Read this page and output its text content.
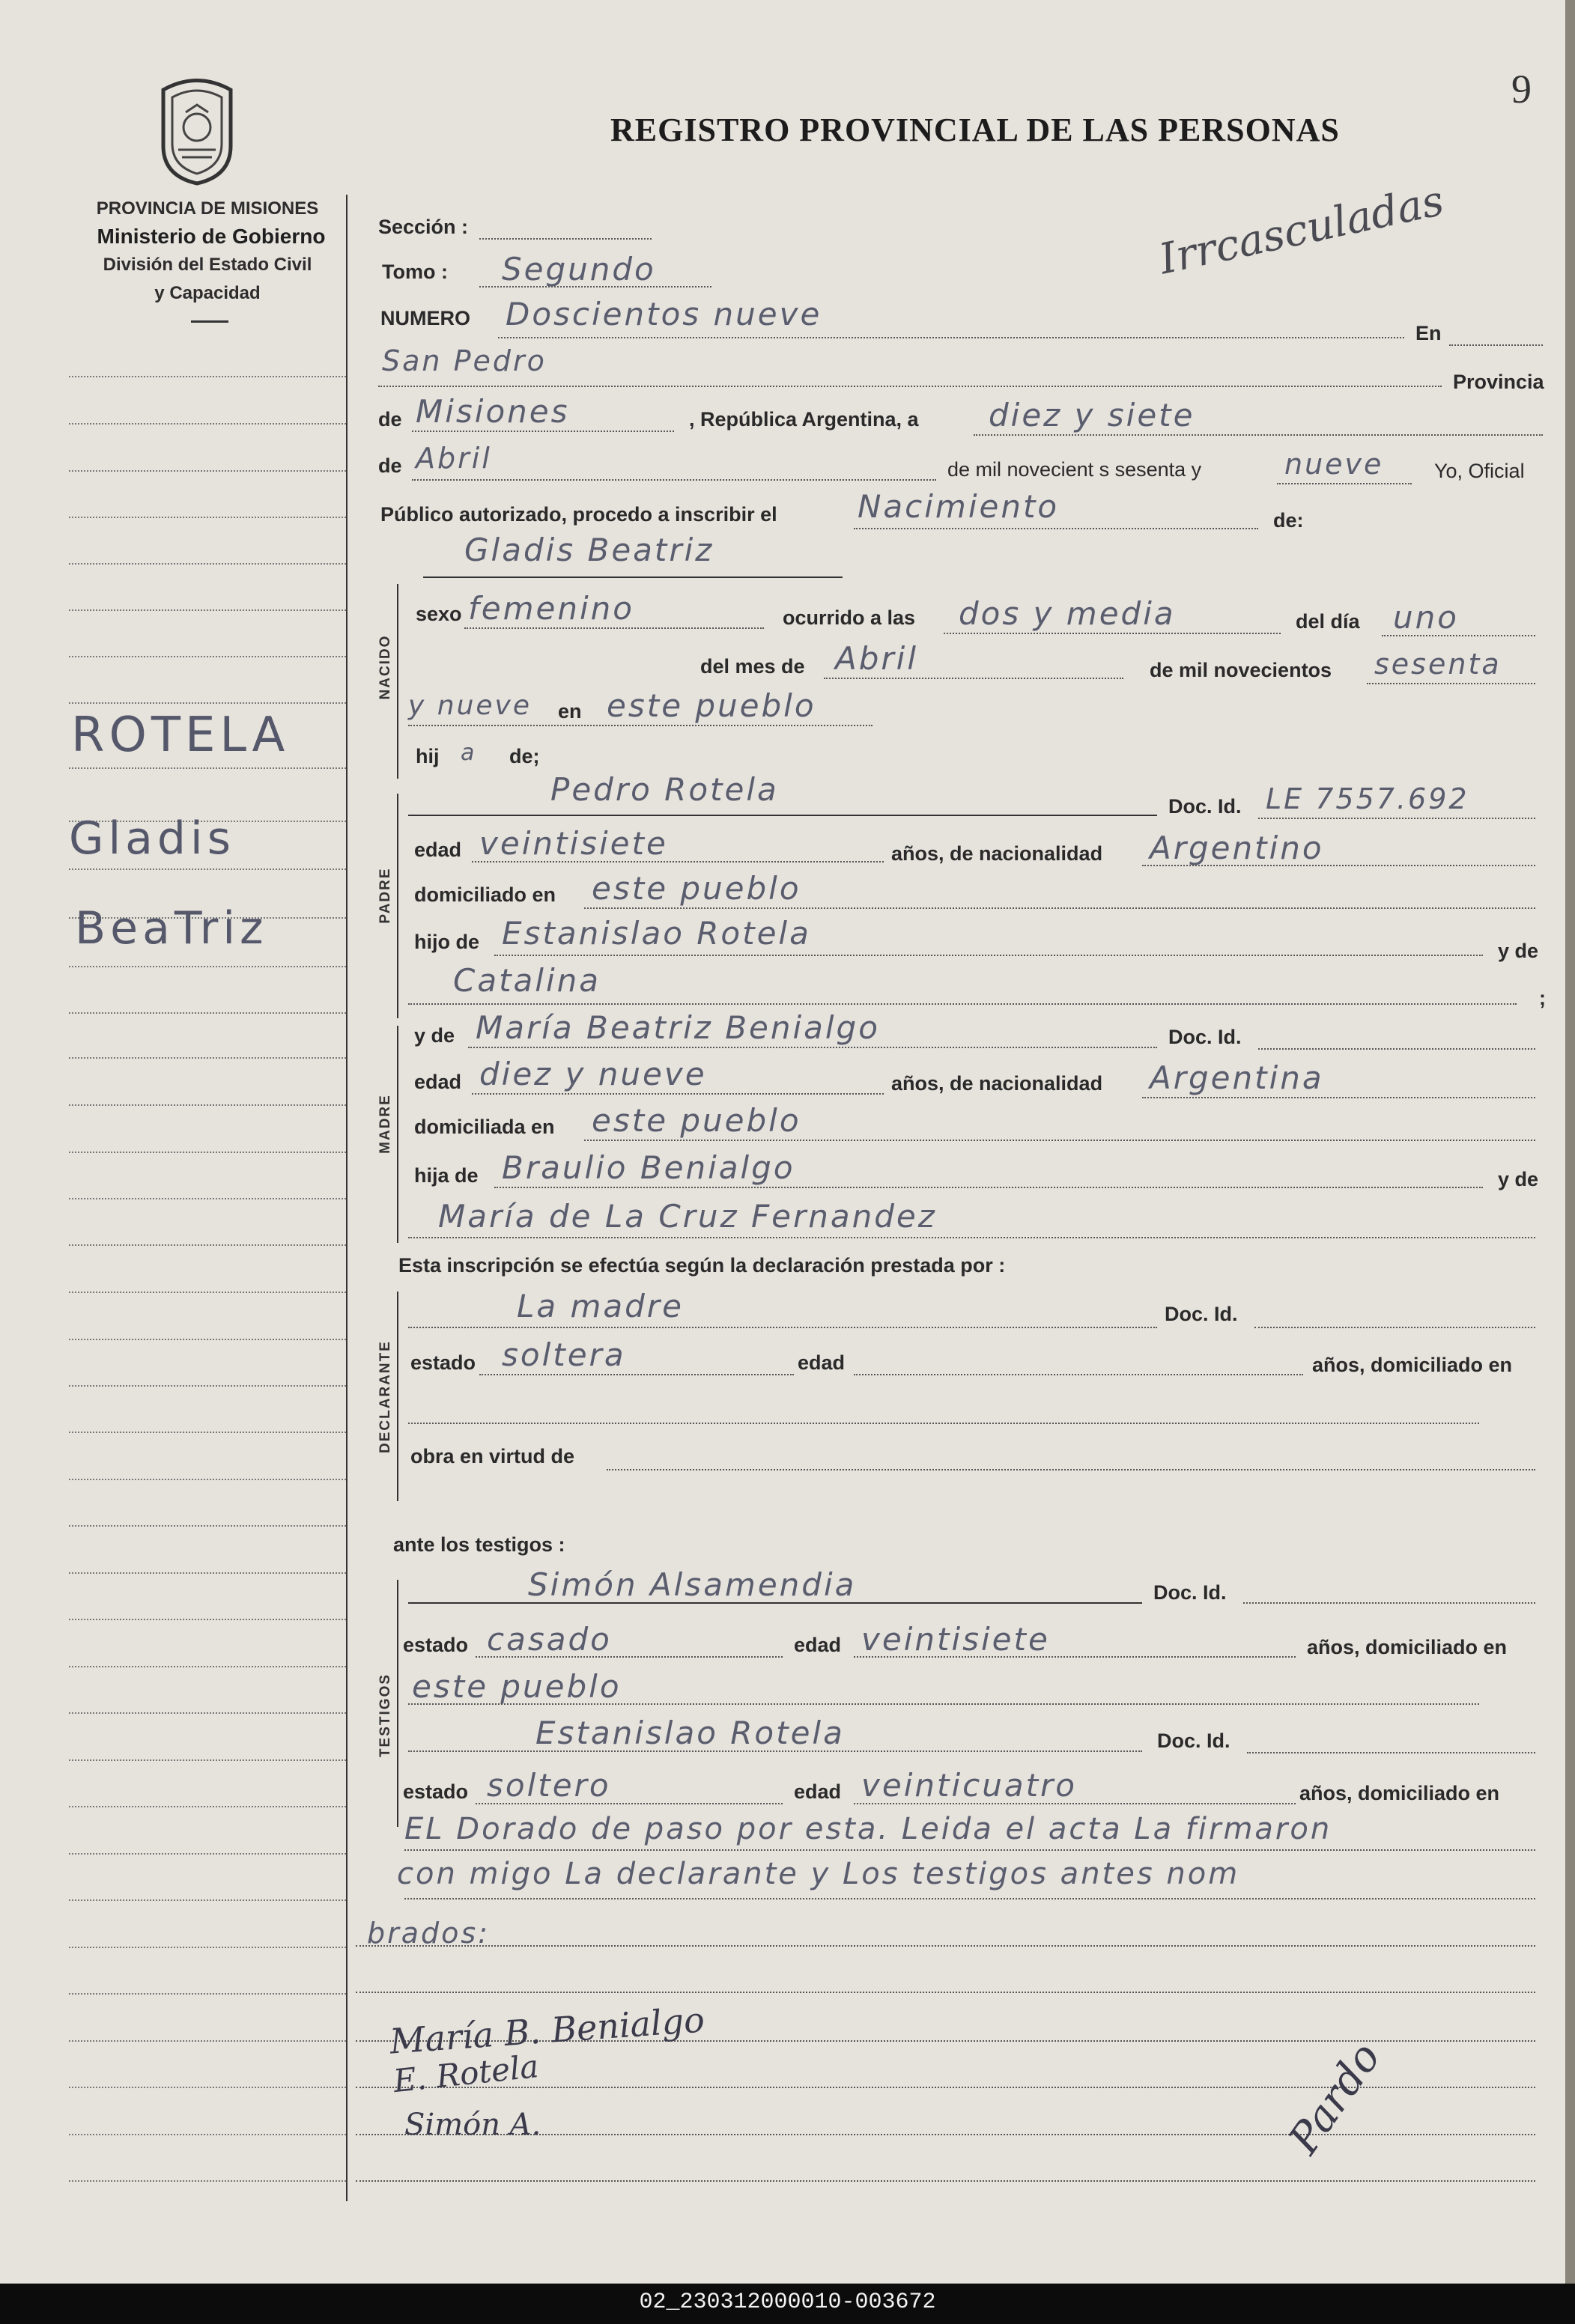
9
REGISTRO PROVINCIAL DE LAS PERSONAS
PROVINCIA DE MISIONES
Ministerio de Gobierno
División del Estado Civil
y Capacidad
ROTELA
Gladis
BeaTriz
Irrcasculadas
Sección :
Tomo : Segundo
NUMERO Doscientos nueve
En
San Pedro
Provincia
de Misiones	, República Argentina, a diez y siete
de Abril	de mil novecient s sesenta y	nueve	Yo, Oficial
Público autorizado, procedo a inscribir el	Nacimiento	de:
NACIDO
Gladis Beatriz
sexo femenino	ocurrido a las dos y media	del día uno
del mes de Abril	de mil novecientos sesenta
y nueve en este pueblo
hij a de;
PADRE
Pedro Rotela	Doc. Id. LE 7557.692
edad veintisiete	años, de nacionalidad Argentino
domiciliado en este pueblo
hijo de Estanislao Rotela	y de
Catalina	;
MADRE
y de María Beatriz Benialgo	Doc. Id.
edad diez y nueve	años, de nacionalidad Argentina
domiciliada en este pueblo
hija de Braulio Benialgo	y de
María de La Cruz Fernandez
Esta inscripción se efectúa según la declaración prestada por :
DECLARANTE
La madre	Doc. Id.
estado soltera	edad	años, domiciliado en
obra en virtud de
ante los testigos :
TESTIGOS
Simón Alsamendia	Doc. Id.
estado casado	edad veintisiete	años, domiciliado en
este pueblo
Estanislao Rotela	Doc. Id.
estado soltero	edad veinticuatro	años, domiciliado en
EL Dorado de paso por esta. Leida el acta La firmaron
con migo La declarante y Los testigos antes nom
brados:
María B. Benialgo
E. Rotela
Simón A.	Pardo
02_230312000010-003672
